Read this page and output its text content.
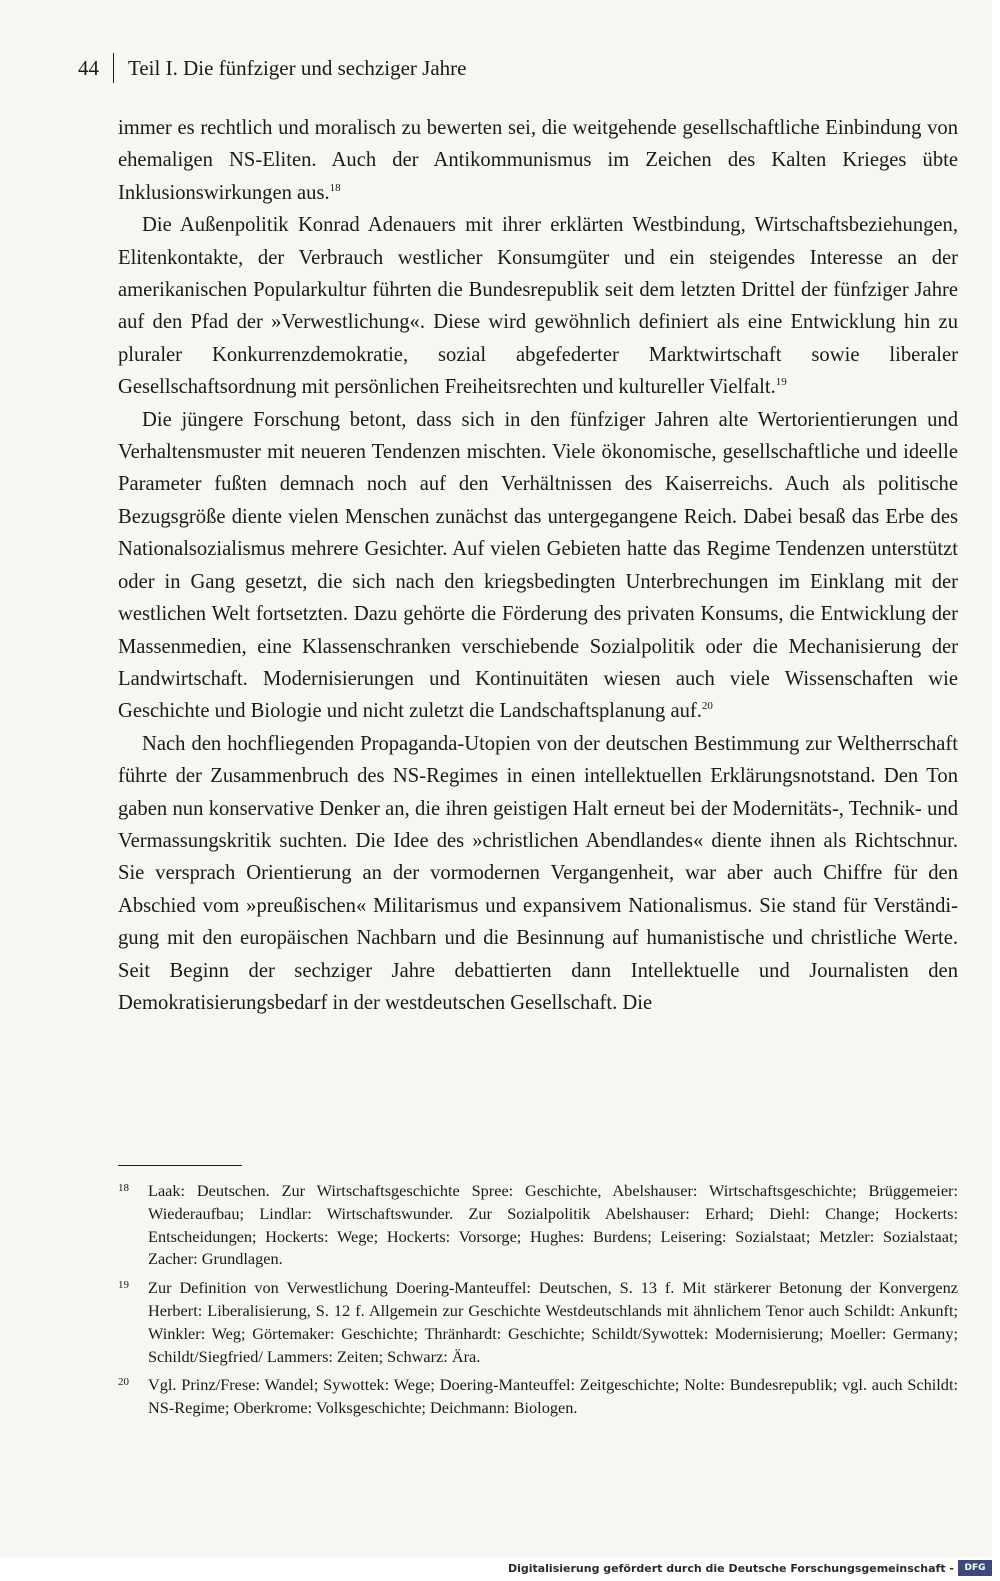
44 Teil I. Die fünfziger und sechziger Jahre

immer es rechtlich und moralisch zu bewerten sei, die weitgehende gesellschaftliche Einbindung von ehemaligen NS-Eliten. Auch der Antikommunismus im Zeichen des Kalten Krieges übte Inklusionswirkungen aus.$^{18}$

Die Außenpolitik Konrad Adenauers mit ihrer erklärten Westbindung, Wirtschaftsbeziehungen, Elitenkontakte, der Verbrauch westlicher Konsumgüter und ein steigendes Interesse an der amerikanischen Popularkultur führten die Bundesrepublik seit dem letzten Drittel der fünfziger Jahre auf den Pfad der »Verwestlichung«. Diese wird gewöhnlich definiert als eine Entwicklung hin zu pluraler Konkurrenzdemokratie, sozial abgefederter Marktwirtschaft sowie liberaler Gesellschaftsordnung mit persönlichen Freiheitsrechten und kultureller Vielfalt.$^{19}$

Die jüngere Forschung betont, dass sich in den fünfziger Jahren alte Wertorientierungen und Verhaltensmuster mit neueren Tendenzen mischten. Viele ökonomische, gesellschaftliche und ideelle Parameter fußten demnach noch auf den Verhältnissen des Kaiserreichs. Auch als politische Bezugsgröße diente vielen Menschen zunächst das untergegangene Reich. Dabei besaß das Erbe des Nationalsozialismus mehrere Gesichter. Auf vielen Gebieten hatte das Regime Tendenzen unterstützt oder in Gang gesetzt, die sich nach den kriegsbedingten Unterbrechungen im Einklang mit der westlichen Welt fortsetzten. Dazu gehörte die Förderung des privaten Konsums, die Entwicklung der Massenmedien, eine Klassenschranken verschiebende Sozialpolitik oder die Mechanisierung der Landwirtschaft. Modernisierungen und Kontinuitäten wiesen auch viele Wissenschaften wie Geschichte und Biologie und nicht zuletzt die Landschaftsplanung auf.$^{20}$

Nach den hochfliegenden Propaganda-Utopien von der deutschen Bestimmung zur Weltherrschaft führte der Zusammenbruch des NS-Regimes in einen intellektuellen Erklärungsnotstand. Den Ton gaben nun konservative Denker an, die ihren geistigen Halt erneut bei der Modernitäts-, Technik- und Vermassungskritik suchten. Die Idee des »christlichen Abendlandes« diente ihnen als Richtschnur. Sie versprach Orientierung an der vormodernen Vergangenheit, war aber auch Chiffre für den Abschied vom »preußischen« Militarismus und expansivem Nationalismus. Sie stand für Verständigung mit den europäischen Nachbarn und die Besinnung auf humanistische und christliche Werte. Seit Beginn der sechziger Jahre debattierten dann Intellektuelle und Journalisten den Demokratisierungsbedarf in der westdeutschen Gesellschaft. Die

18	Laak: Deutschen. Zur Wirtschaftsgeschichte Spree: Geschichte, Abelshauser: Wirtschaftsgeschichte; Brüggemeier: Wiederaufbau; Lindlar: Wirtschaftswunder. Zur Sozialpolitik Abelshauser: Erhard; Diehl: Change; Hockerts: Entscheidungen; Hockerts: Wege; Hockerts: Vorsorge; Hughes: Burdens; Leisering: Sozialstaat; Metzler: Sozialstaat; Zacher: Grundlagen.
19	Zur Definition von Verwestlichung Doering-Manteuffel: Deutschen, S. 13 f. Mit stärkerer Betonung der Konvergenz Herbert: Liberalisierung, S. 12 f. Allgemein zur Geschichte Westdeutschlands mit ähnlichem Tenor auch Schildt: Ankunft; Winkler: Weg; Görtemaker: Geschichte; Thränhardt: Geschichte; Schildt/Sywottek: Modernisierung; Moeller: Germany; Schildt/Siegfried/ Lammers: Zeiten; Schwarz: Ära.
20	Vgl. Prinz/Frese: Wandel; Sywottek: Wege; Doering-Manteuffel: Zeitgeschichte; Nolte: Bundesrepublik; vgl. auch Schildt: NS-Regime; Oberkrome: Volksgeschichte; Deichmann: Biologen.
Digitalisierung gefördert durch die Deutsche Forschungsgemeinschaft -	DFG
